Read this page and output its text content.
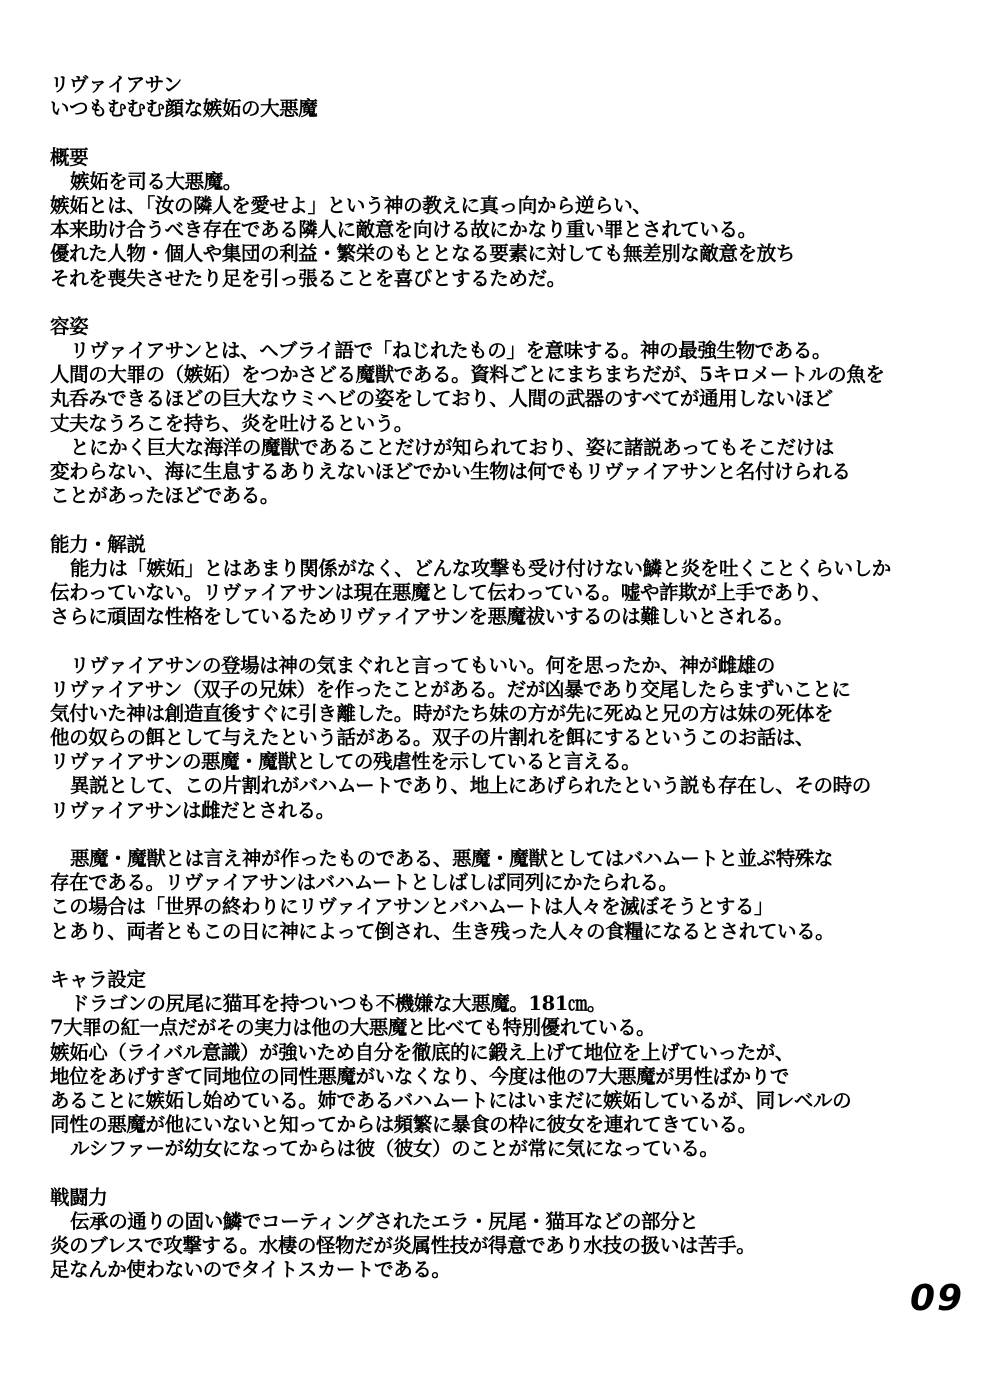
リヴァイアサン
いつもむむむ顔な嫉妬の大悪魔
概要
嫉妬を司る大悪魔。
嫉妬とは、「汝の隣人を愛せよ」という神の教えに真っ向から逆らい、
本来助け合うべき存在である隣人に敵意を向ける故にかなり重い罪とされている。
優れた人物・個人や集団の利益・繁栄のもととなる要素に対しても無差別な敵意を放ち
それを喪失させたり足を引っ張ることを喜びとするためだ。
容姿
リヴァイアサンとは、ヘブライ語で「ねじれたもの」を意味する。神の最強生物である。
人間の大罪の（嫉妬）をつかさどる魔獣である。資料ごとにまちまちだが、5キロメートルの魚を
丸呑みできるほどの巨大なウミヘビの姿をしており、人間の武器のすべてが通用しないほど
丈夫なうろこを持ち、炎を吐けるという。
とにかく巨大な海洋の魔獣であることだけが知られており、姿に諸説あってもそこだけは
変わらない、海に生息するありえないほどでかい生物は何でもリヴァイアサンと名付けられる
ことがあったほどである。
能力・解説
能力は「嫉妬」とはあまり関係がなく、どんな攻撃も受け付けない鱗と炎を吐くことくらいしか
伝わっていない。リヴァイアサンは現在悪魔として伝わっている。嘘や詐欺が上手であり、
さらに頑固な性格をしているためリヴァイアサンを悪魔祓いするのは難しいとされる。
リヴァイアサンの登場は神の気まぐれと言ってもいい。何を思ったか、神が雌雄の
リヴァイアサン（双子の兄妹）を作ったことがある。だが凶暴であり交尾したらまずいことに
気付いた神は創造直後すぐに引き離した。時がたち妹の方が先に死ぬと兄の方は妹の死体を
他の奴らの餌として与えたという話がある。双子の片割れを餌にするというこのお話は、
リヴァイアサンの悪魔・魔獣としての残虐性を示していると言える。
異説として、この片割れがバハムートであり、地上にあげられたという説も存在し、その時の
リヴァイアサンは雌だとされる。
悪魔・魔獣とは言え神が作ったものである、悪魔・魔獣としてはバハムートと並ぶ特殊な
存在である。リヴァイアサンはバハムートとしばしば同列にかたられる。
この場合は「世界の終わりにリヴァイアサンとバハムートは人々を滅ぼそうとする」
とあり、両者ともこの日に神によって倒され、生き残った人々の食糧になるとされている。
キャラ設定
ドラゴンの尻尾に猫耳を持ついつも不機嫌な大悪魔。181㎝。
7大罪の紅一点だがその実力は他の大悪魔と比べても特別優れている。
嫉妬心（ライバル意識）が強いため自分を徹底的に鍛え上げて地位を上げていったが、
地位をあげすぎて同地位の同性悪魔がいなくなり、今度は他の7大悪魔が男性ばかりで
あることに嫉妬し始めている。姉であるバハムートにはいまだに嫉妬しているが、同レベルの
同性の悪魔が他にいないと知ってからは頻繁に暴食の枠に彼女を連れてきている。
ルシファーが幼女になってからは彼（彼女）のことが常に気になっている。
戦闘力
伝承の通りの固い鱗でコーティングされたエラ・尻尾・猫耳などの部分と
炎のブレスで攻撃する。水棲の怪物だが炎属性技が得意であり水技の扱いは苦手。
足なんか使わないのでタイトスカートである。
09
